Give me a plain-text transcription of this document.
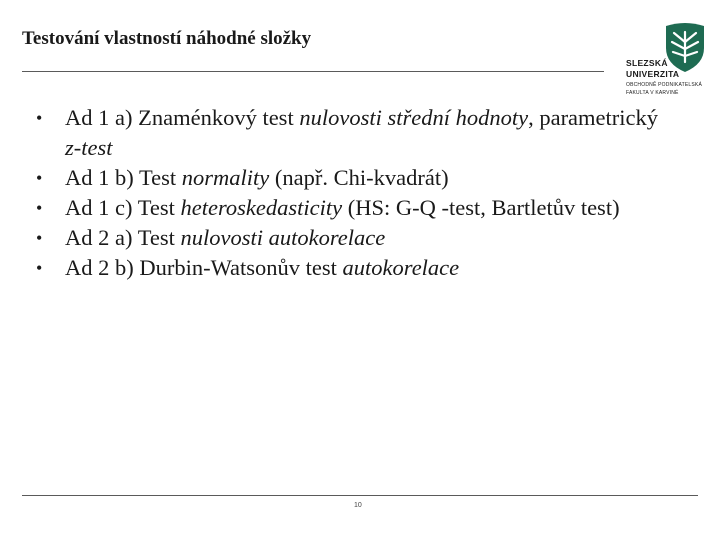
Testování vlastností náhodné složky
SLEZSKÁ
UNIVERZITA
OBCHODNĚ PODNIKATELSKÁ
FAKULTA V KARVINÉ
• Ad 1 a) Znaménkový test nulovosti střední hodnoty, parametrický z-test
• Ad 1 b) Test normality (např. Chi-kvadrát)
• Ad 1 c) Test heteroskedasticity (HS: G-Q -test, Bartletův test)
• Ad 2 a) Test nulovosti autokorelace
• Ad 2 b) Durbin-Watsonův test autokorelace
10
